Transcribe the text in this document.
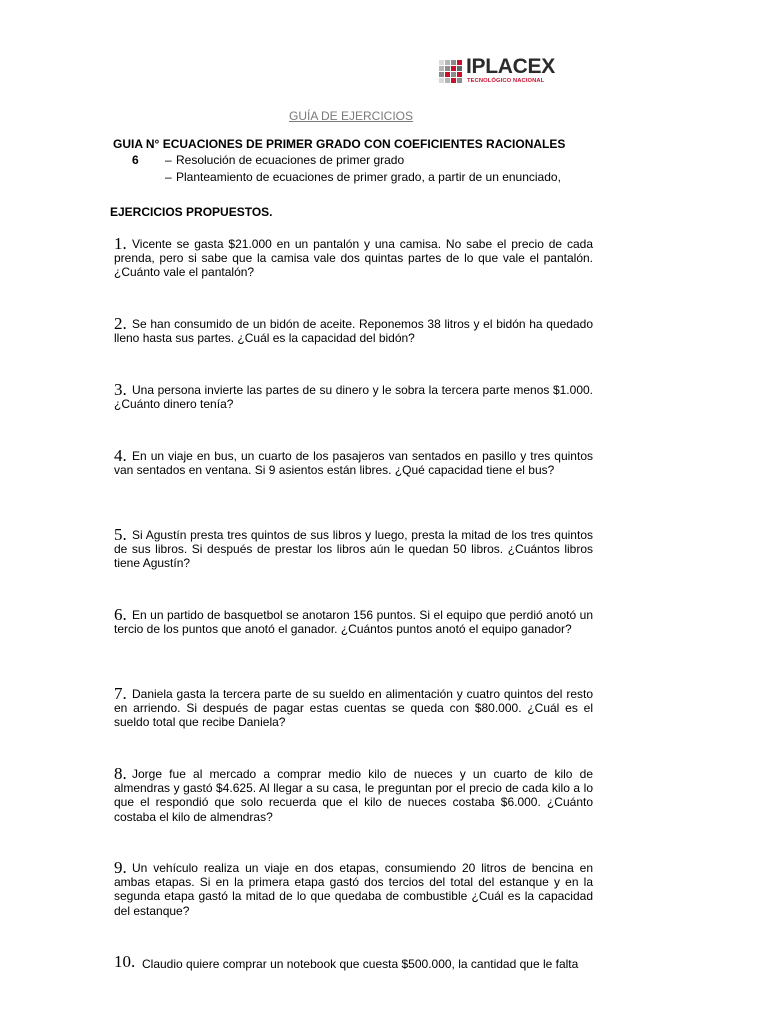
IPLACEX
TECNOLÓGICO NACIONAL
GUÍA DE EJERCICIOS
GUIA N° ECUACIONES DE PRIMER GRADO CON COEFICIENTES RACIONALES
6 – Resolución de ecuaciones de primer grado
– Planteamiento de ecuaciones de primer grado, a partir de un enunciado,
EJERCICIOS PROPUESTOS.
1. Vicente se gasta $21.000 en un pantalón y una camisa. No sabe el precio de cada prenda, pero si sabe que la camisa vale dos quintas partes de lo que vale el pantalón. ¿Cuánto vale el pantalón?

2. Se han consumido de un bidón de aceite. Reponemos 38 litros y el bidón ha quedado lleno hasta sus partes. ¿Cuál es la capacidad del bidón?

3. Una persona invierte las partes de su dinero y le sobra la tercera parte menos $1.000. ¿Cuánto dinero tenía?

4. En un viaje en bus, un cuarto de los pasajeros van sentados en pasillo y tres quintos van sentados en ventana. Si 9 asientos están libres. ¿Qué capacidad tiene el bus?

5. Si Agustín presta tres quintos de sus libros y luego, presta la mitad de los tres quintos de sus libros. Si después de prestar los libros aún le quedan 50 libros. ¿Cuántos libros tiene Agustín?

6. En un partido de basquetbol se anotaron 156 puntos. Si el equipo que perdió anotó un tercio de los puntos que anotó el ganador. ¿Cuántos puntos anotó el equipo ganador?

7. Daniela gasta la tercera parte de su sueldo en alimentación y cuatro quintos del resto en arriendo. Si después de pagar estas cuentas se queda con $80.000. ¿Cuál es el sueldo total que recibe Daniela?

8. Jorge fue al mercado a comprar medio kilo de nueces y un cuarto de kilo de almendras y gastó $4.625. Al llegar a su casa, le preguntan por el precio de cada kilo a lo que el respondió que solo recuerda que el kilo de nueces costaba $6.000. ¿Cuánto costaba el kilo de almendras?

9. Un vehículo realiza un viaje en dos etapas, consumiendo 20 litros de bencina en ambas etapas. Si en la primera etapa gastó dos tercios del total del estanque y en la segunda etapa gastó la mitad de lo que quedaba de combustible ¿Cuál es la capacidad del estanque?

10. Claudio quiere comprar un notebook que cuesta $500.000, la cantidad que le falta
